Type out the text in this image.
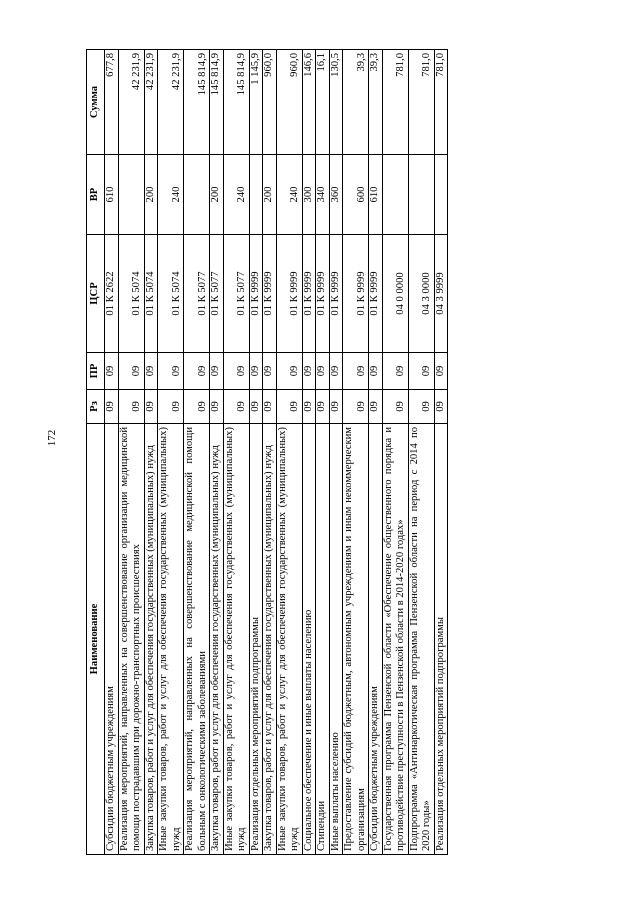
172
Наименование	Рз	ПР	ЦСР	ВР	Сумма
Субсидии бюджетным учреждениям	09	09	01 К 2622	610	677,8
Реализация мероприятий, направленных на совершенствование организации медицинской помощи пострадавшим при дорожно-транспортных происшествиях	09	09	01 К 5074		42 231,9
Закупка товаров, работ и услуг для обеспечения государственных (муниципальных) нужд	09	09	01 К 5074	200	42 231,9
Иные закупки товаров, работ и услуг для обеспечения государственных (муниципальных) нужд	09	09	01 К 5074	240	42 231,9
Реализация мероприятий, направленных на совершенствование медицинской помощи больным с онкологическими заболеваниями	09	09	01 К 5077		145 814,9
Закупка товаров, работ и услуг для обеспечения государственных (муниципальных) нужд	09	09	01 К 5077	200	145 814,9
Иные закупки товаров, работ и услуг для обеспечения государственных (муниципальных) нужд	09	09	01 К 5077	240	145 814,9
Реализация отдельных мероприятий подпрограммы	09	09	01 К 9999		1 145,9
Закупка товаров, работ и услуг для обеспечения государственных (муниципальных) нужд	09	09	01 К 9999	200	960,0
Иные закупки товаров, работ и услуг для обеспечения государственных (муниципальных) нужд	09	09	01 К 9999	240	960,0
Социальное обеспечение и иные выплаты населению	09	09	01 К 9999	300	146,6
Стипендии	09	09	01 К 9999	340	16,1
Иные выплаты населению	09	09	01 К 9999	360	130,5
Предоставление субсидий бюджетным, автономным учреждениям и иным некоммерческим организациям	09	09	01 К 9999	600	39,3
Субсидии бюджетным учреждениям	09	09	01 К 9999	610	39,3
Государственная программа Пензенской области «Обеспечение общественного порядка и противодействие преступности в Пензенской области в 2014-2020 годах»	09	09	04 0 0000		781,0
Подпрограмма «Антинаркотическая программа Пензенской области на период с 2014 по 2020 годы»	09	09	04 3 0000		781,0
Реализация отдельных мероприятий подпрограммы	09	09	04 3 9999		781,0
